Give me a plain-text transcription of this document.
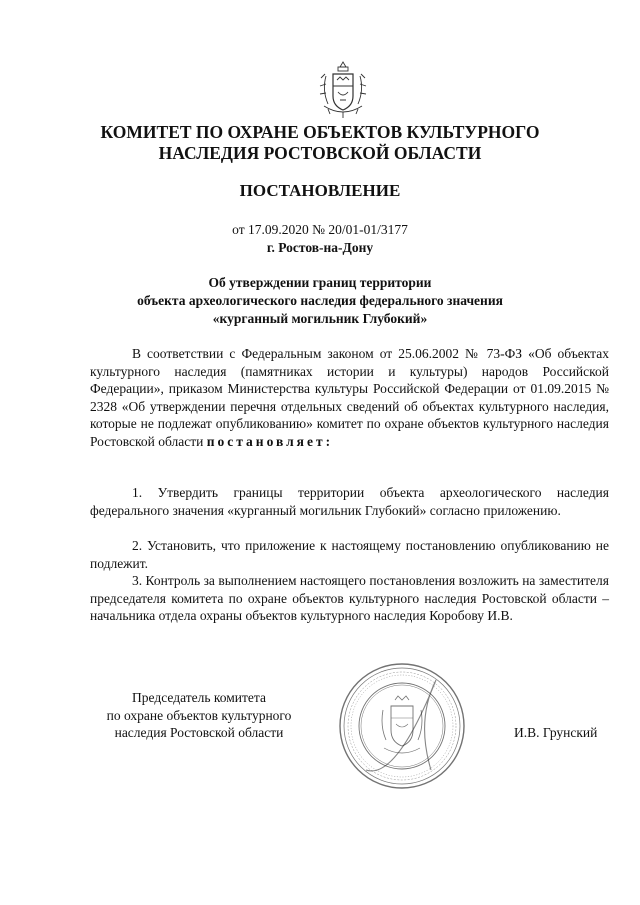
КОМИТЕТ ПО ОХРАНЕ ОБЪЕКТОВ КУЛЬТУРНОГО
НАСЛЕДИЯ РОСТОВСКОЙ ОБЛАСТИ
ПОСТАНОВЛЕНИЕ
от 17.09.2020 № 20/01-01/3177
г. Ростов-на-Дону
Об утверждении границ территории
объекта археологического наследия федерального значения
«курганный могильник Глубокий»

В соответствии с Федеральным законом от 25.06.2002 № 73-ФЗ «Об объектах культурного наследия (памятниках истории и культуры) народов Российской Федерации», приказом Министерства культуры Российской Федерации от 01.09.2015 № 2328 «Об утверждении перечня отдельных сведений об объектах культурного наследия, которые не подлежат опубликованию» комитет по охране объектов культурного наследия Ростовской области постановляет:

1. Утвердить границы территории объекта археологического наследия федерального значения «курганный могильник Глубокий» согласно приложению.

2. Установить, что приложение к настоящему постановлению опубликованию не подлежит.

3. Контроль за выполнением настоящего постановления возложить на заместителя председателя комитета по охране объектов культурного наследия Ростовской области – начальника отдела охраны объектов культурного наследия Коробову И.В.

Председатель комитета
по охране объектов культурного
наследия Ростовской области	И.В. Грунский
